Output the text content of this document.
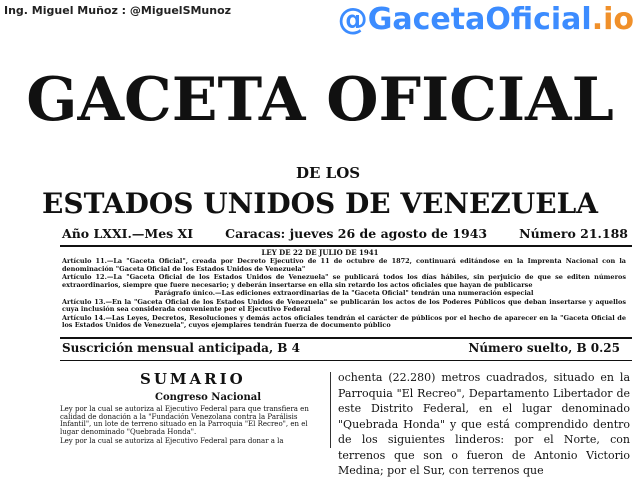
Ing. Miguel Muñoz : @MiguelSMunoz	@GacetaOficial.io
GACETA OFICIAL
DE LOS
ESTADOS UNIDOS DE VENEZUELA
Año LXXI.—Mes XI	Caracas: jueves 26 de agosto de 1943	Número 21.188
LEY DE 22 DE JULIO DE 1941

Artículo 11.—La "Gaceta Oficial", creada por Decreto Ejecutivo de 11 de octubre de 1872, continuará editándose en la Imprenta Nacional con la denominación "Gaceta Oficial de los Estados Unidos de Venezuela"

Artículo 12.—La "Gaceta Oficial de los Estados Unidos de Venezuela" se publicará todos los días hábiles, sin perjuicio de que se editen números extraordinarios, siempre que fuere necesario; y deberán insertarse en ella sin retardo los actos oficiales que hayan de publicarse

Parágrafo único.—Las ediciones extraordinarias de la "Gaceta Oficial" tendrán una numeración especial

Artículo 13.—En la "Gaceta Oficial de los Estados Unidos de Venezuela" se publicarán los actos de los Poderes Públicos que deban insertarse y aquellos cuya inclusión sea considerada conveniente por el Ejecutivo Federal

Artículo 14.—Las Leyes, Decretos, Resoluciones y demás actos oficiales tendrán el carácter de públicos por el hecho de aparecer en la "Gaceta Oficial de los Estados Unidos de Venezuela", cuyos ejemplares tendrán fuerza de documento público

Suscrición mensual anticipada, B 4	Número suelto, B 0.25
SUMARIO
Congreso Nacional

Ley por la cual se autoriza al Ejecutivo Federal para que transfiera en calidad de donación a la "Fundación Venezolana contra la Parálisis Infantil", un lote de terreno situado en la Parroquia "El Recreo", en el lugar denominado "Quebrada Honda".

Ley por la cual se autoriza al Ejecutivo Federal para donar a la

ochenta (22.280) metros cuadrados, situado en la Parroquia "El Recreo", Departamento Libertador de este Distrito Federal, en el lugar denominado "Quebrada Honda" y que está comprendido dentro de los siguientes linderos: por el Norte, con terrenos que son o fueron de Antonio Victorio Medina; por el Sur, con terrenos que
